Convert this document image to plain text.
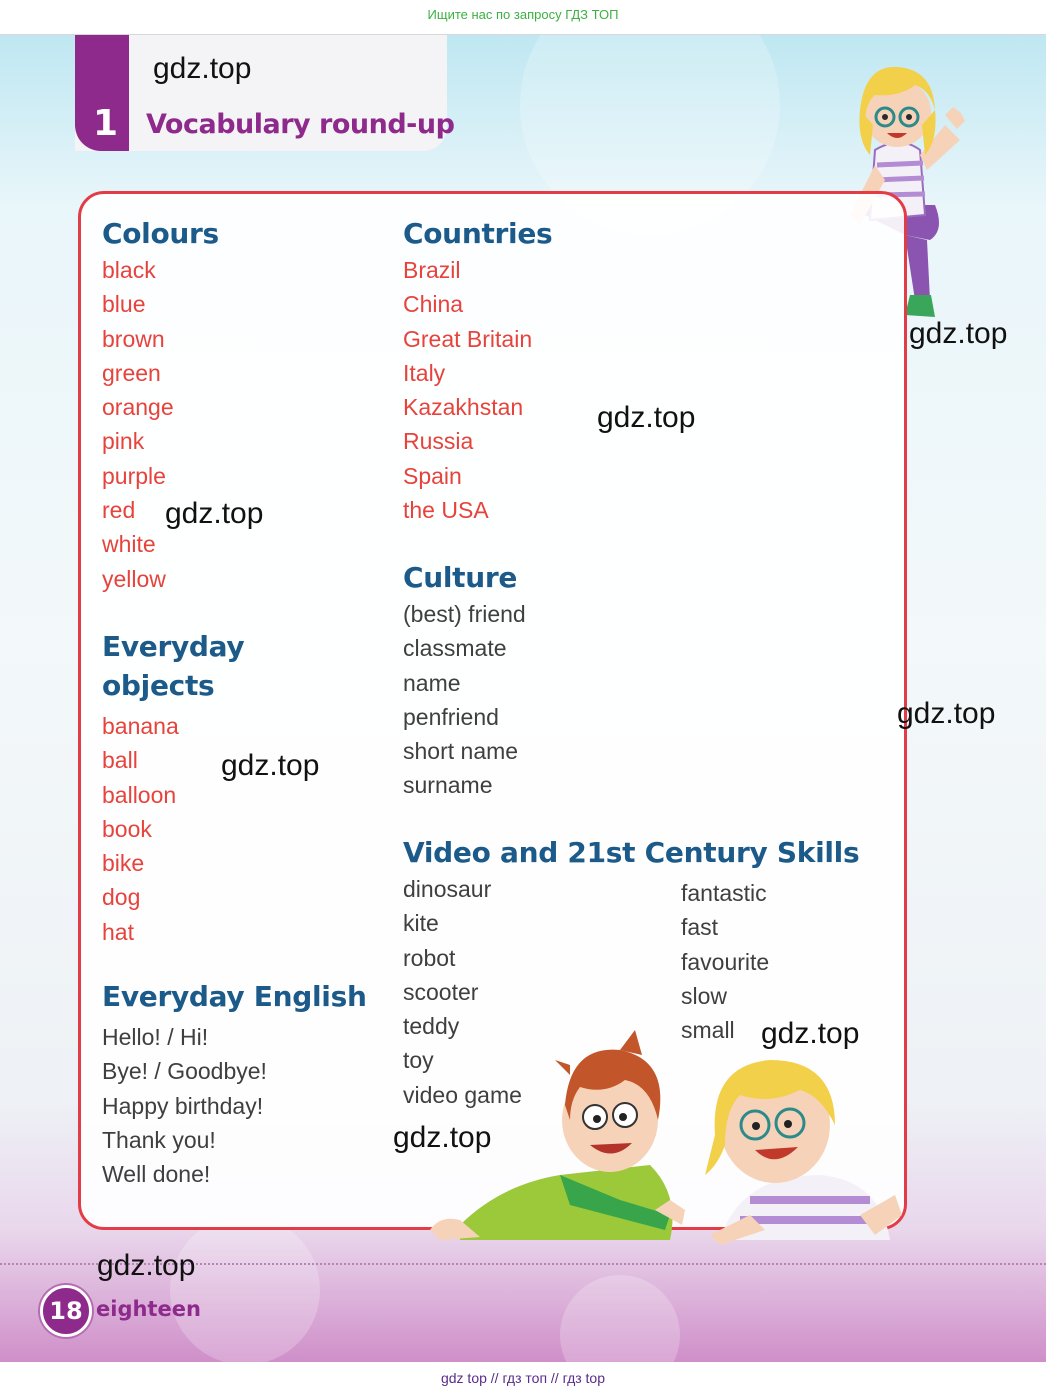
Ищите нас по запросу ГДЗ ТОП
1 Vocabulary round-up
Colours
black
blue
brown
green
orange
pink
purple
red
white
yellow
Everyday
objects
banana
ball
balloon
book
bike
dog
hat
Everyday English
Hello! / Hi!
Bye! / Goodbye!
Happy birthday!
Thank you!
Well done!
Countries
Brazil
China
Great Britain
Italy
Kazakhstan
Russia
Spain
the USA
Culture
(best) friend
classmate
name
penfriend
short name
surname
Video and 21st Century Skills
dinosaur
kite
robot
scooter
teddy
toy
video game
fantastic
fast
favourite
slow
small
18 eighteen
gdz.top
gdz.top
gdz.top
gdz.top
gdz.top
gdz.top
gdz.top
gdz.top
gdz.top
gdz top // гдз топ // гдз top
